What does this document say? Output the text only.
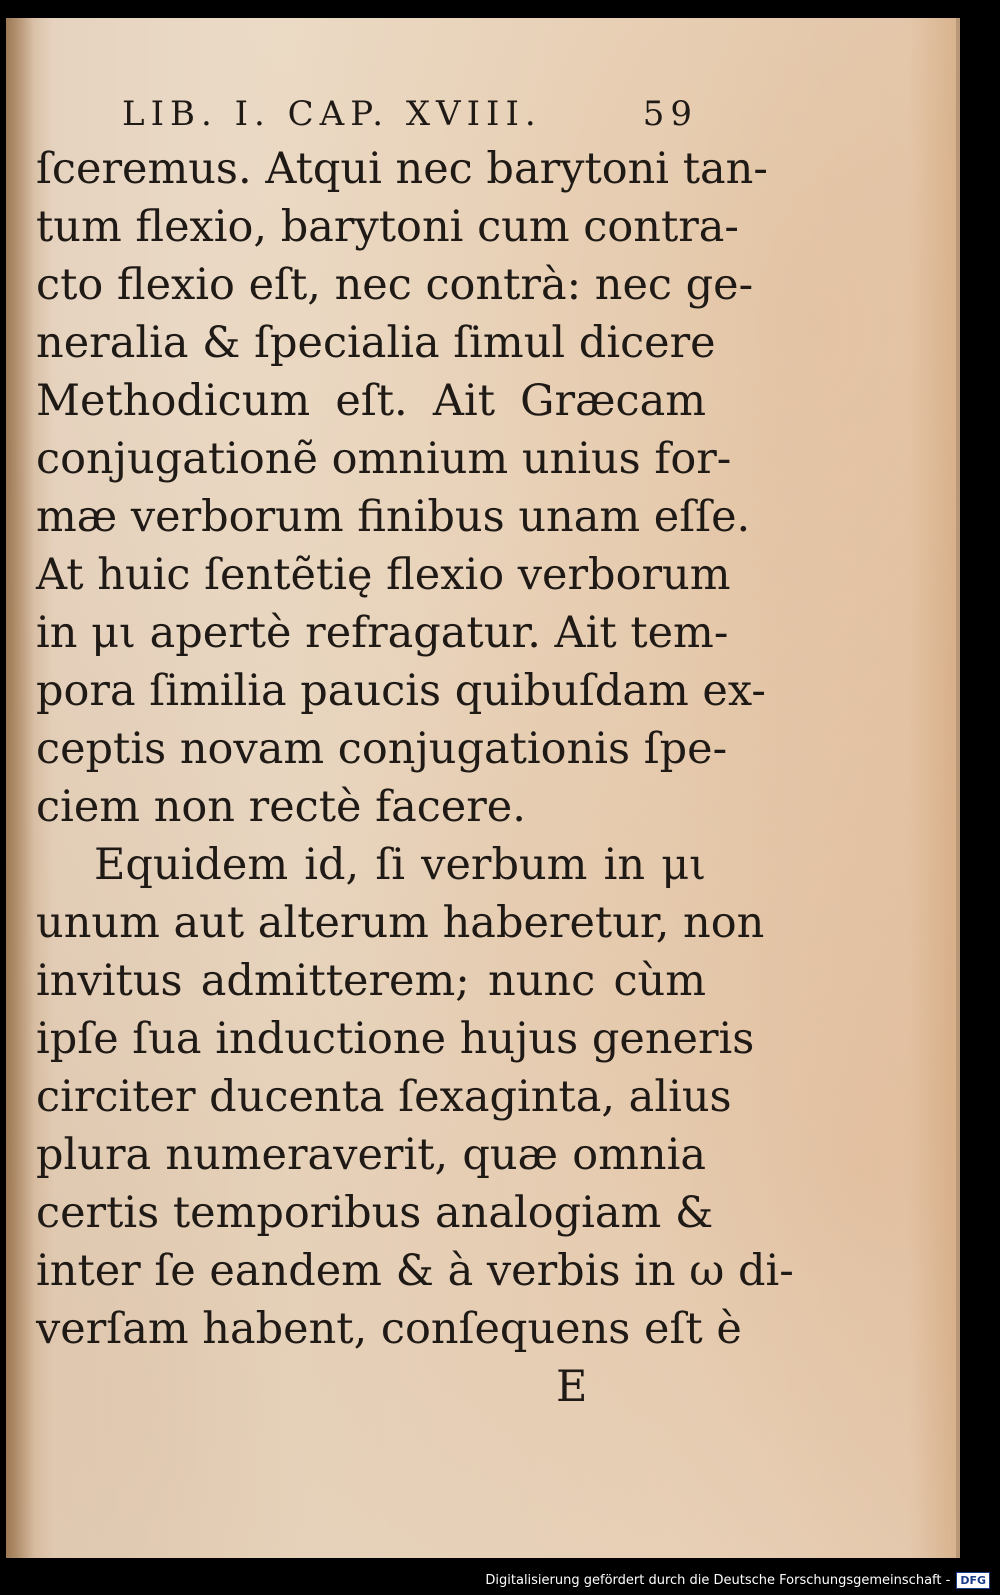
LIB. I. CAP. XVIII.	59
ſceremus. Atqui nec barytoni tan-
tum flexio, barytoni cum contra-
cto flexio eſt, nec contrà: nec ge-
neralia & ſpecialia ſimul dicere
Methodicum eſt. Ait Græcam
conjugationẽ omnium unius for-
mæ verborum finibus unam eſſe.
At huic ſentẽtię flexio verborum
in μι apertè refragatur. Ait tem-
pora ſimilia paucis quibuſdam ex-
ceptis novam conjugationis ſpe-
ciem non rectè facere.
Equidem id, ſi verbum in μι
unum aut alterum haberetur, non
invitus admitterem; nunc cùm
ipſe ſua inductione hujus generis
circiter ducenta ſexaginta, alius
plura numeraverit, quæ omnia
certis temporibus analogiam &
inter ſe eandem & à verbis in ω di-
verſam habent, conſequens eſt è
E
Digitalisierung gefördert durch die Deutsche Forschungsgemeinschaft - DFG
